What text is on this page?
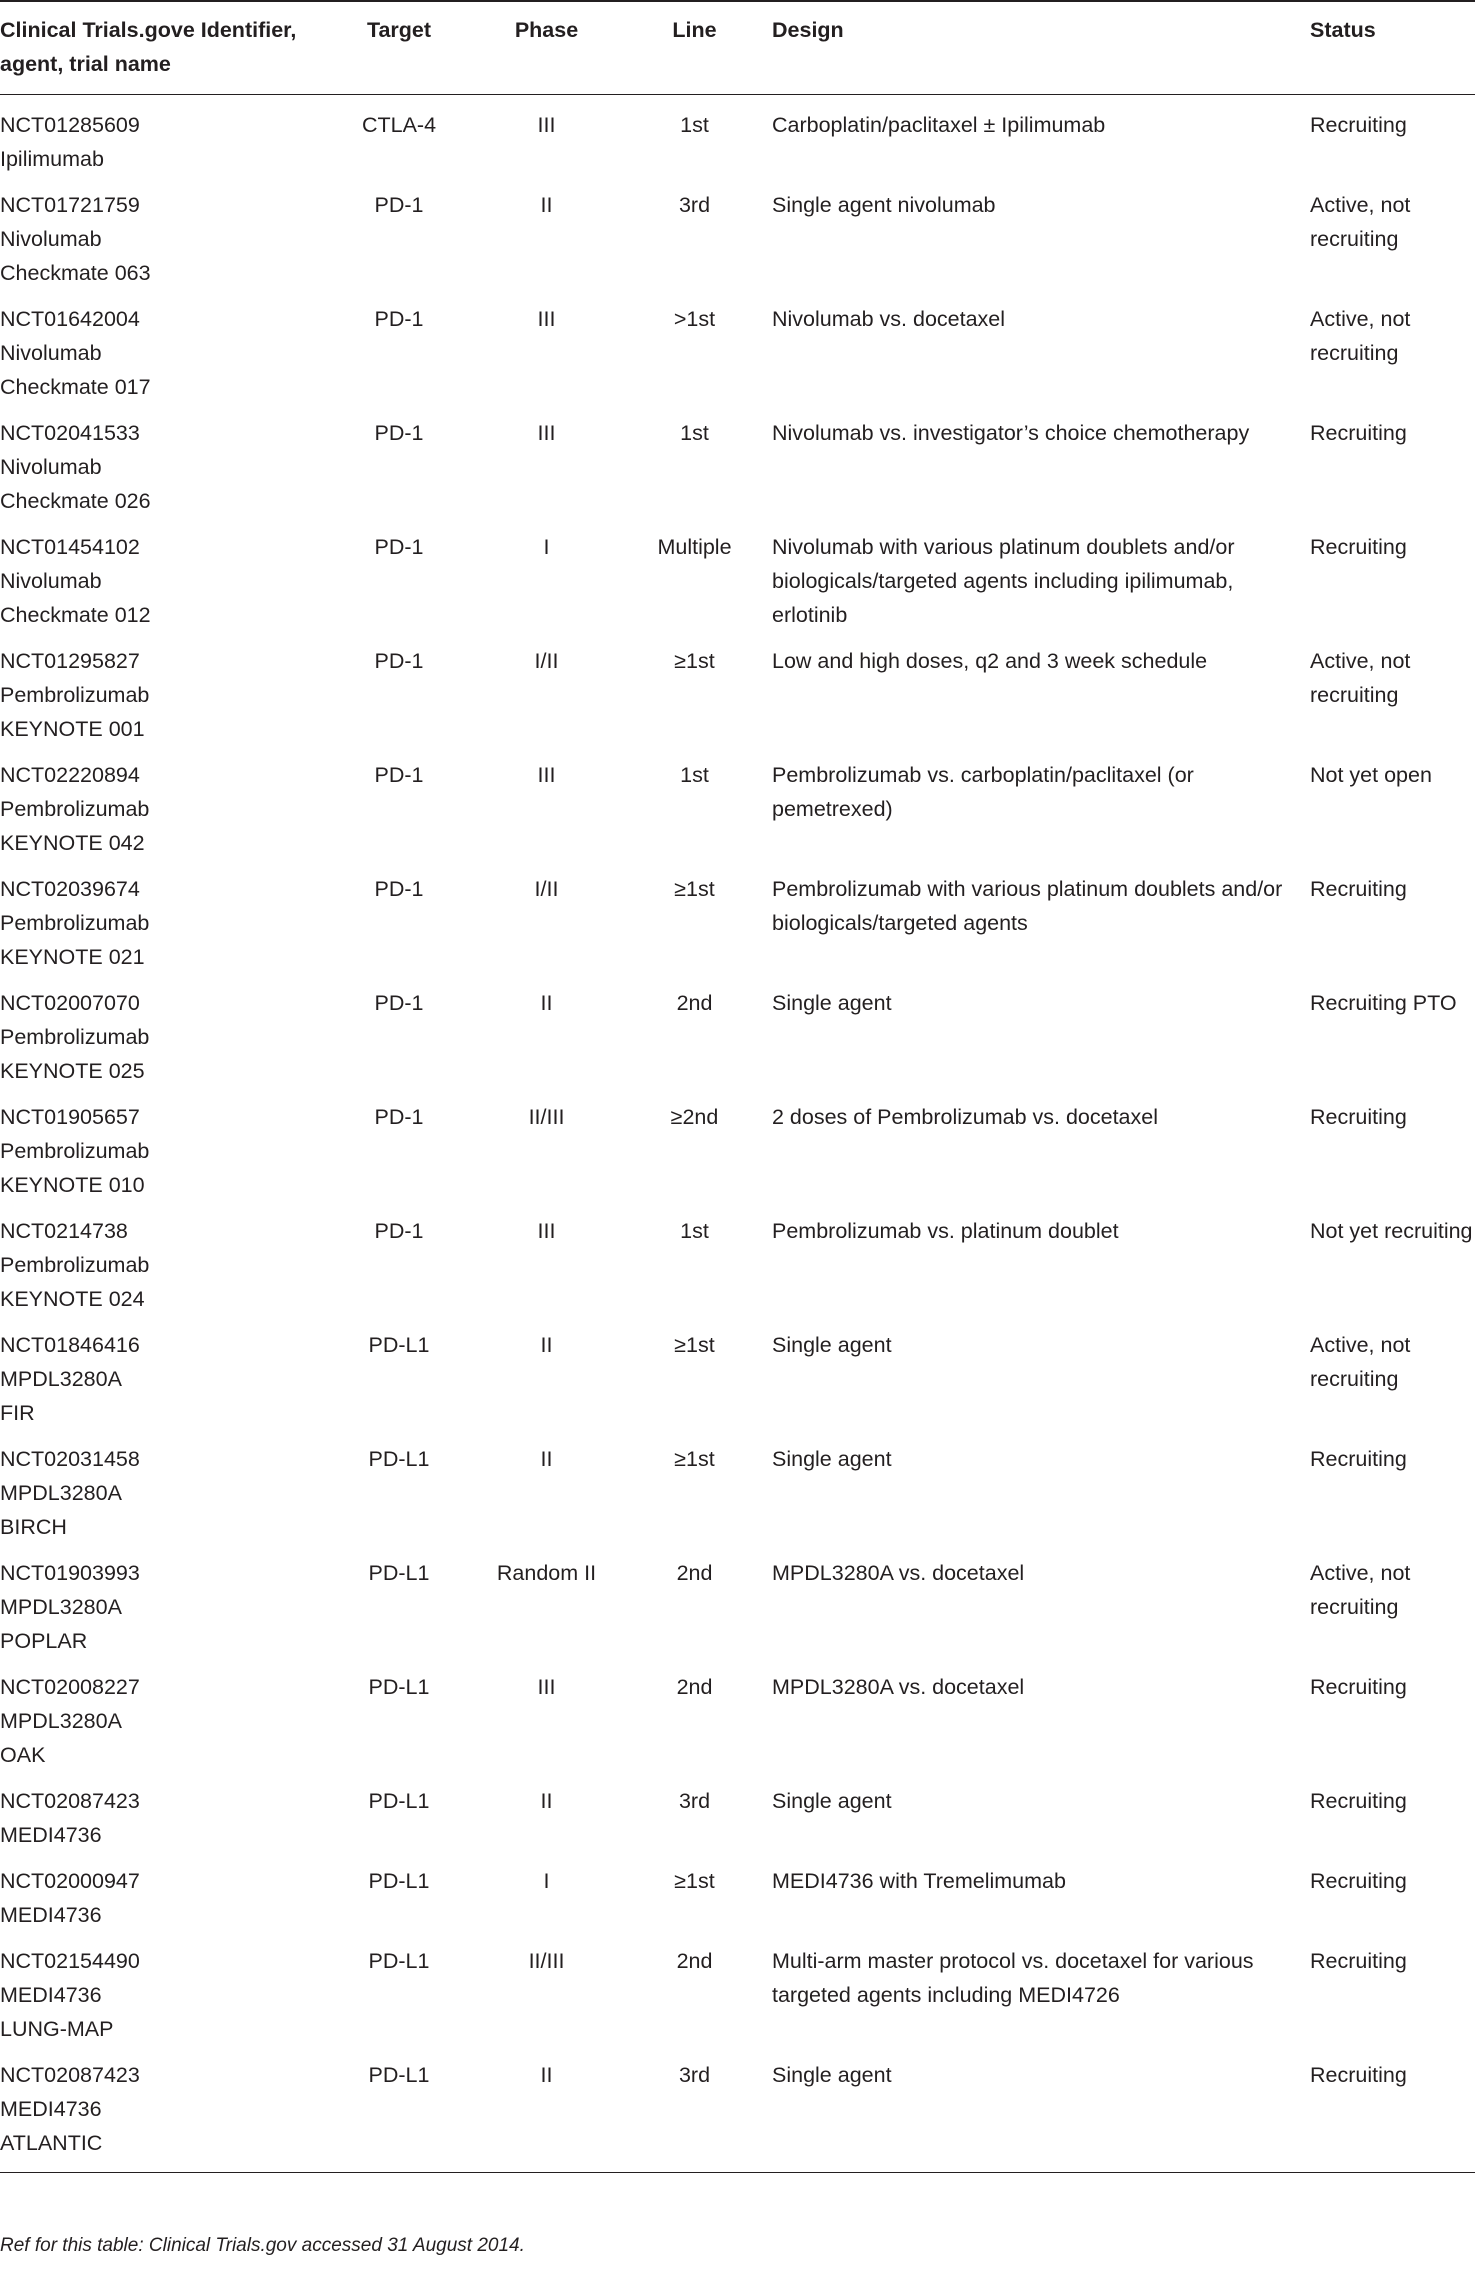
Clinical Trials.gove Identifier, agent, trial name	Target	Phase	Line	Design	Status

NCT01285609
Ipilimumab	CTLA-4	III	1st	Carboplatin/paclitaxel ± Ipilimumab	Recruiting

NCT01721759
Nivolumab
Checkmate 063	PD-1	II	3rd	Single agent nivolumab	Active, not recruiting

NCT01642004
Nivolumab
Checkmate 017	PD-1	III	>1st	Nivolumab vs. docetaxel	Active, not recruiting

NCT02041533
Nivolumab
Checkmate 026	PD-1	III	1st	Nivolumab vs. investigator’s choice chemotherapy	Recruiting

NCT01454102
Nivolumab
Checkmate 012	PD-1	I	Multiple	Nivolumab with various platinum doublets and/or biologicals/targeted agents including ipilimumab, erlotinib	Recruiting

NCT01295827
Pembrolizumab
KEYNOTE 001	PD-1	I/II	≥1st	Low and high doses, q2 and 3 week schedule	Active, not recruiting

NCT02220894
Pembrolizumab
KEYNOTE 042	PD-1	III	1st	Pembrolizumab vs. carboplatin/paclitaxel (or pemetrexed)	Not yet open

NCT02039674
Pembrolizumab
KEYNOTE 021	PD-1	I/II	≥1st	Pembrolizumab with various platinum doublets and/or biologicals/targeted agents	Recruiting

NCT02007070
Pembrolizumab
KEYNOTE 025	PD-1	II	2nd	Single agent	Recruiting PTO

NCT01905657
Pembrolizumab
KEYNOTE 010	PD-1	II/III	≥2nd	2 doses of Pembrolizumab vs. docetaxel	Recruiting

NCT0214738
Pembrolizumab
KEYNOTE 024	PD-1	III	1st	Pembrolizumab vs. platinum doublet	Not yet recruiting

NCT01846416
MPDL3280A
FIR	PD-L1	II	≥1st	Single agent	Active, not recruiting

NCT02031458
MPDL3280A
BIRCH	PD-L1	II	≥1st	Single agent	Recruiting

NCT01903993
MPDL3280A
POPLAR	PD-L1	Random II	2nd	MPDL3280A vs. docetaxel	Active, not recruiting

NCT02008227
MPDL3280A
OAK	PD-L1	III	2nd	MPDL3280A vs. docetaxel	Recruiting

NCT02087423
MEDI4736	PD-L1	II	3rd	Single agent	Recruiting

NCT02000947
MEDI4736	PD-L1	I	≥1st	MEDI4736 with Tremelimumab	Recruiting

NCT02154490
MEDI4736
LUNG-MAP	PD-L1	II/III	2nd	Multi-arm master protocol vs. docetaxel for various targeted agents including MEDI4726	Recruiting

NCT02087423
MEDI4736
ATLANTIC	PD-L1	II	3rd	Single agent	Recruiting
Ref for this table: Clinical Trials.gov accessed 31 August 2014.
